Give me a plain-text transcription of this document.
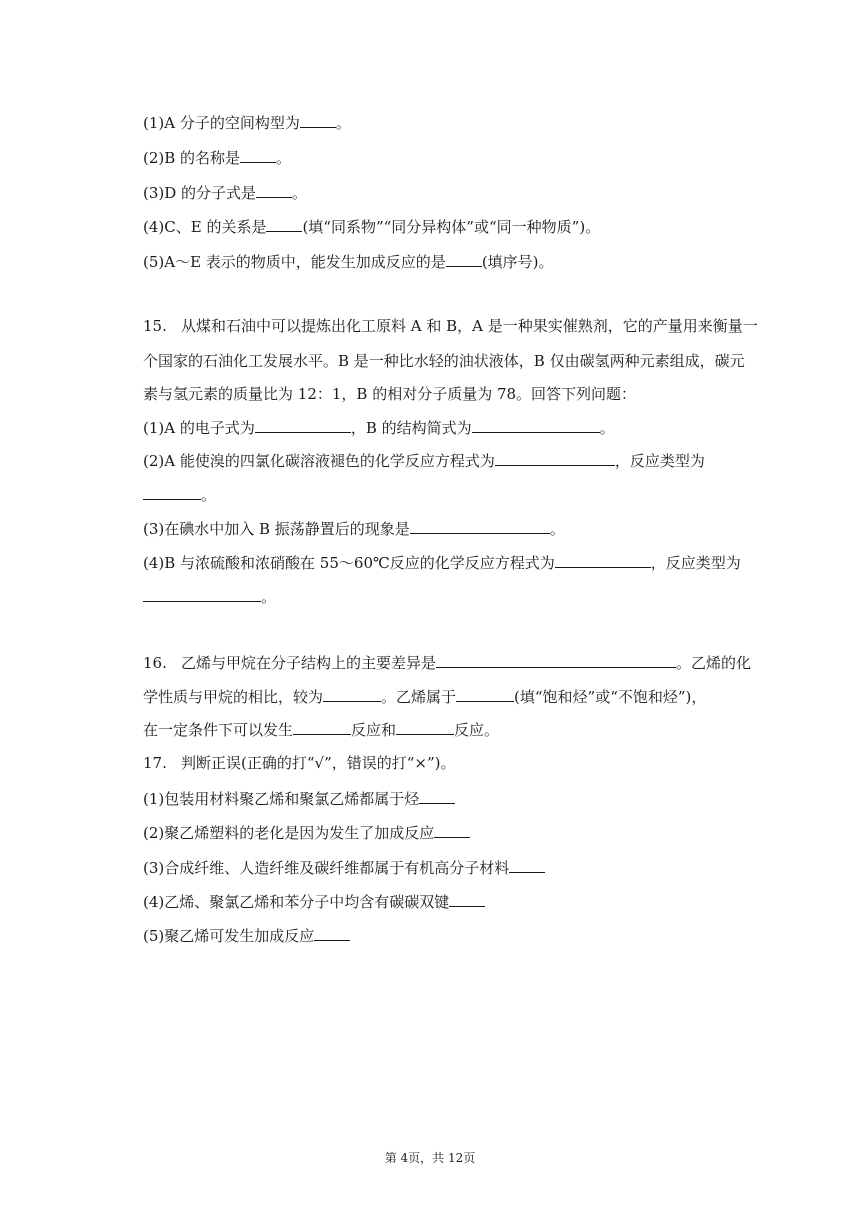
(1)A 分子的空间构型为 。
(2)B 的名称是 。
(3)D 的分子式是 。
(4)C、E 的关系是 (填“同系物”“同分异构体”或“同一种物质”)。
(5)A～E 表示的物质中，能发生加成反应的是 (填序号)。
15. 从煤和石油中可以提炼出化工原料 A 和 B，A 是一种果实催熟剂，它的产量用来衡量一
个国家的石油化工发展水平。B 是一种比水轻的油状液体，B 仅由碳氢两种元素组成，碳元
素与氢元素的质量比为 12：1，B 的相对分子质量为 78。回答下列问题：
(1)A 的电子式为	，B 的结构简式为	。
(2)A 能使溴的四氯化碳溶液褪色的化学反应方程式为	，反应类型为
。
(3)在碘水中加入 B 振荡静置后的现象是	。
(4)B 与浓硫酸和浓硝酸在 55～60℃反应的化学反应方程式为	，反应类型为
。
16. 乙烯与甲烷在分子结构上的主要差异是	。乙烯的化
学性质与甲烷的相比，较为	。乙烯属于	(填“饱和烃”或“不饱和烃”)，
在一定条件下可以发生	反应和	反应。
17. 判断正误(正确的打“√”，错误的打“×”)。
(1)包装用材料聚乙烯和聚氯乙烯都属于烃
(2)聚乙烯塑料的老化是因为发生了加成反应
(3)合成纤维、人造纤维及碳纤维都属于有机高分子材料
(4)乙烯、聚氯乙烯和苯分子中均含有碳碳双键
(5)聚乙烯可发生加成反应
第 4页，共 12页
